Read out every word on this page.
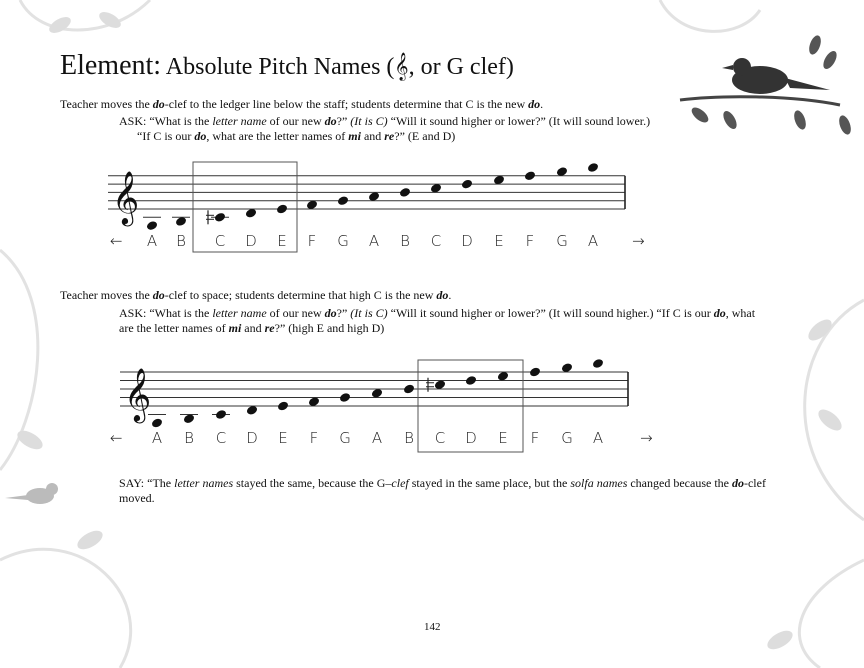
Element: Absolute Pitch Names (𝄞, or G clef)
Teacher moves the do-clef to the ledger line below the staff; students determine that C is the new do.
ASK: “What is the letter name of our new do?” (It is C) “Will it sound higher or lower?” (It will sound lower.)
“If C is our do, what are the letter names of mi and re?” (E and D)
Teacher moves the do-clef to space; students determine that high C is the new do.
ASK: “What is the letter name of our new do?” (It is C) “Will it sound higher or lower?” (It will sound higher.) “If C is our do, what are the letter names of mi and re?” (high E and high D)
SAY: “The letter names stayed the same, because the G–clef stayed in the same place, but the solfa names changed because the do-clef moved.
𝄞
A B C D E F G A B C D E F G A
←	→
𝄞
A B C D E F G A B C D E F G A
←	→
142
